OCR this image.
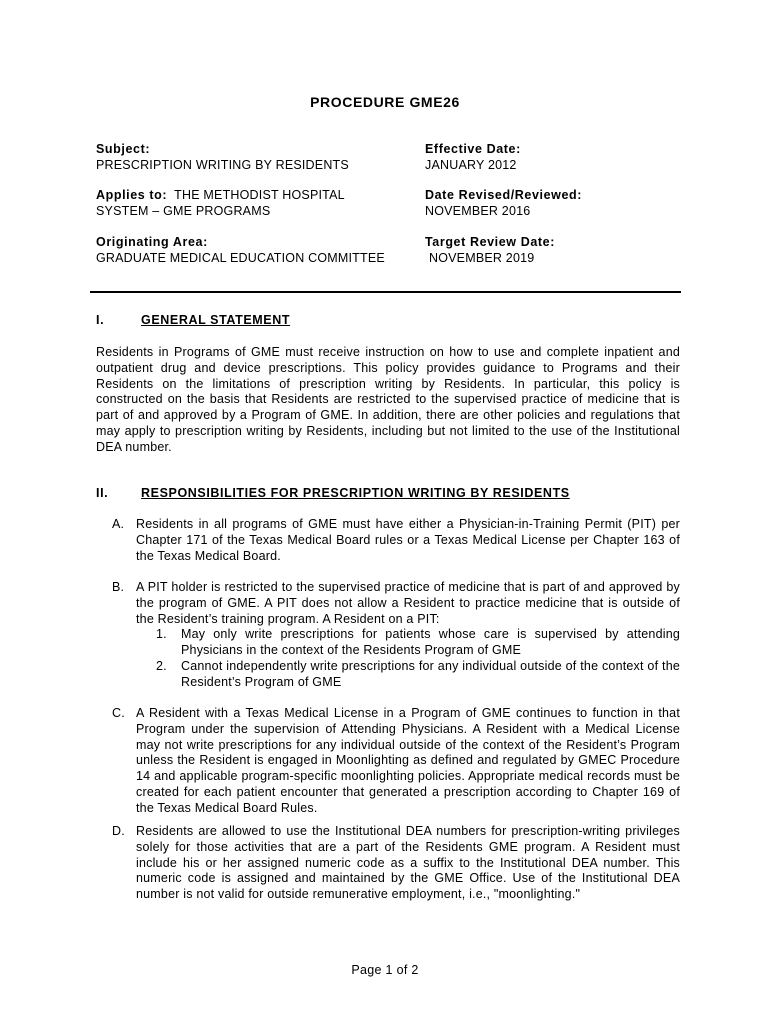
PROCEDURE GME26
Subject:
PRESCRIPTION WRITING BY RESIDENTS
Effective Date:
JANUARY 2012
Applies to: THE METHODIST HOSPITAL
SYSTEM – GME PROGRAMS
Date Revised/Reviewed:
NOVEMBER 2016
Originating Area:
GRADUATE MEDICAL EDUCATION COMMITTEE
Target Review Date:
NOVEMBER 2019
I.	GENERAL STATEMENT
Residents in Programs of GME must receive instruction on how to use and complete inpatient and outpatient drug and device prescriptions. This policy provides guidance to Programs and their Residents on the limitations of prescription writing by Residents. In particular, this policy is constructed on the basis that Residents are restricted to the supervised practice of medicine that is part of and approved by a Program of GME. In addition, there are other policies and regulations that may apply to prescription writing by Residents, including but not limited to the use of the Institutional DEA number.
II.	RESPONSIBILITIES FOR PRESCRIPTION WRITING BY RESIDENTS
A. Residents in all programs of GME must have either a Physician-in-Training Permit (PIT) per Chapter 171 of the Texas Medical Board rules or a Texas Medical License per Chapter 163 of the Texas Medical Board.
B. A PIT holder is restricted to the supervised practice of medicine that is part of and approved by the program of GME. A PIT does not allow a Resident to practice medicine that is outside of the Resident’s training program. A Resident on a PIT:
1. May only write prescriptions for patients whose care is supervised by attending Physicians in the context of the Residents Program of GME
2. Cannot independently write prescriptions for any individual outside of the context of the Resident’s Program of GME
C. A Resident with a Texas Medical License in a Program of GME continues to function in that Program under the supervision of Attending Physicians. A Resident with a Medical License may not write prescriptions for any individual outside of the context of the Resident’s Program unless the Resident is engaged in Moonlighting as defined and regulated by GMEC Procedure 14 and applicable program-specific moonlighting policies. Appropriate medical records must be created for each patient encounter that generated a prescription according to Chapter 169 of the Texas Medical Board Rules.
D. Residents are allowed to use the Institutional DEA numbers for prescription-writing privileges solely for those activities that are a part of the Residents GME program. A Resident must include his or her assigned numeric code as a suffix to the Institutional DEA number. This numeric code is assigned and maintained by the GME Office. Use of the Institutional DEA number is not valid for outside remunerative employment, i.e., "moonlighting."
Page 1 of 2
